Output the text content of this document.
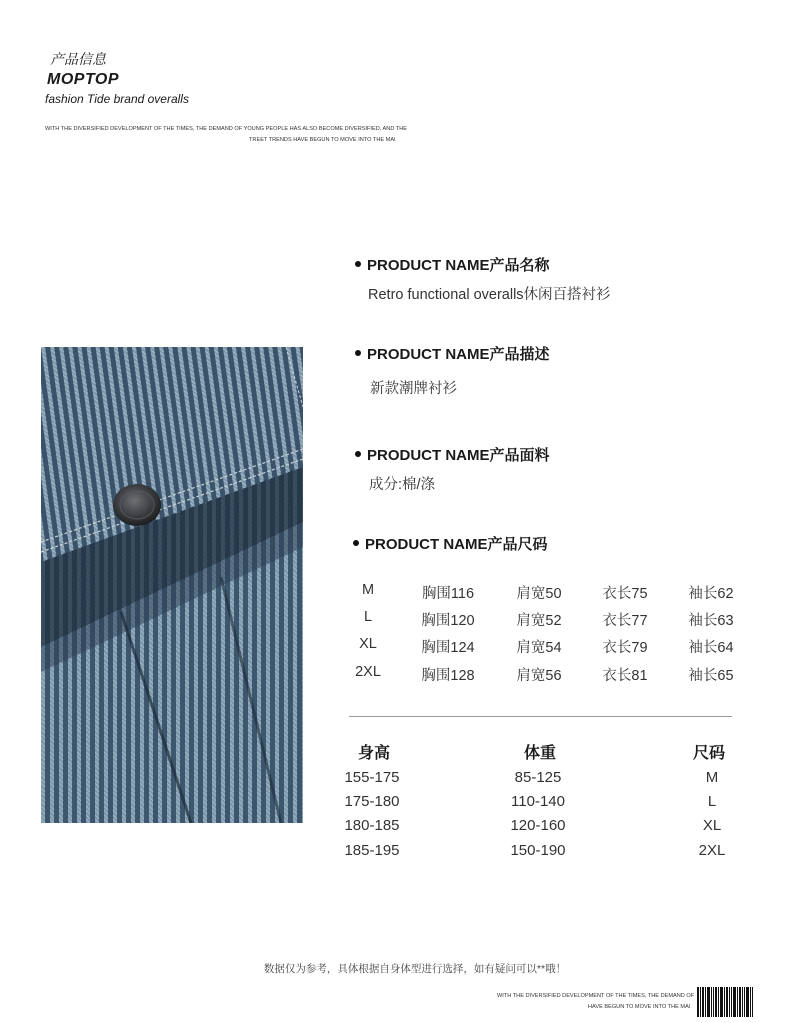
产品信息
MOPTOP
fashion Tide brand overalls
WITH THE DIVERSIFIED DEVELOPMENT OF THE TIMES, THE DEMAND OF YOUNG PEOPLE HAS ALSO BECOME DIVERSIFIED, AND THE
TREET TRENDS HAVE BEGUN TO MOVE INTO THE MAI
PRODUCT NAME产品名称
Retro functional overalls休闲百搭衬衫
PRODUCT NAME产品描述
新款潮牌衬衫
PRODUCT NAME产品面料
成分:棉/涤
PRODUCT NAME产品尺码
M	胸围116	肩宽50	衣长75	袖长62
L	胸围120	肩宽52	衣长77	袖长63
XL	胸围124	肩宽54	衣长79	袖长64
2XL	胸围128	肩宽56	衣长81	袖长65
身高	体重	尺码
155-175	85-125	M
175-180	110-140	L
180-185	120-160	XL
185-195	150-190	2XL
数据仅为参考，具体根据自身体型进行选择，如有疑问可以**哦！
WITH THE DIVERSIFIED DEVELOPMENT OF THE TIMES, THE DEMAND OF
HAVE BEGUN TO MOVE INTO THE MAI
